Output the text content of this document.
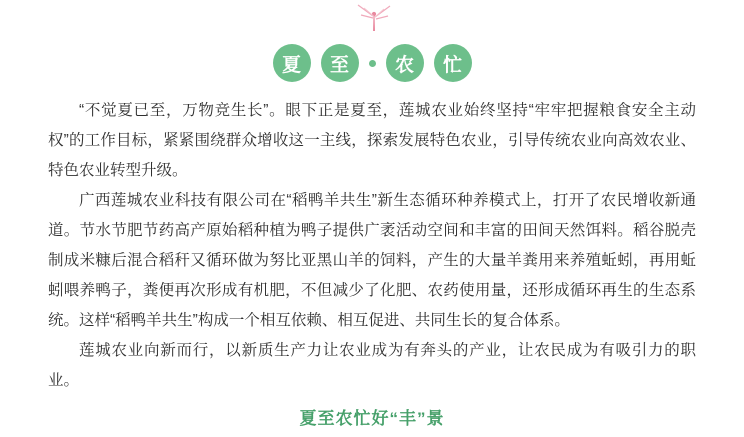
夏	至	农	忙

“不觉夏已至，万物竞生长”。眼下正是夏至，莲城农业始终坚持“牢牢把握粮食安全主动权”的工作目标，紧紧围绕群众增收这一主线，探索发展特色农业，引导传统农业向高效农业、特色农业转型升级。

广西莲城农业科技有限公司在“稻鸭羊共生”新生态循环种养模式上，打开了农民增收新通道。节水节肥节药高产原始稻种植为鸭子提供广袤活动空间和丰富的田间天然饵料。稻谷脱壳制成米糠后混合稻秆又循环做为努比亚黑山羊的饲料，产生的大量羊粪用来养殖蚯蚓，再用蚯蚓喂养鸭子，粪便再次形成有机肥，不但减少了化肥、农药使用量，还形成循环再生的生态系统。这样“稻鸭羊共生”构成一个相互依赖、相互促进、共同生长的复合体系。

莲城农业向新而行，以新质生产力让农业成为有奔头的产业，让农民成为有吸引力的职业。

夏至农忙好“丰”景
